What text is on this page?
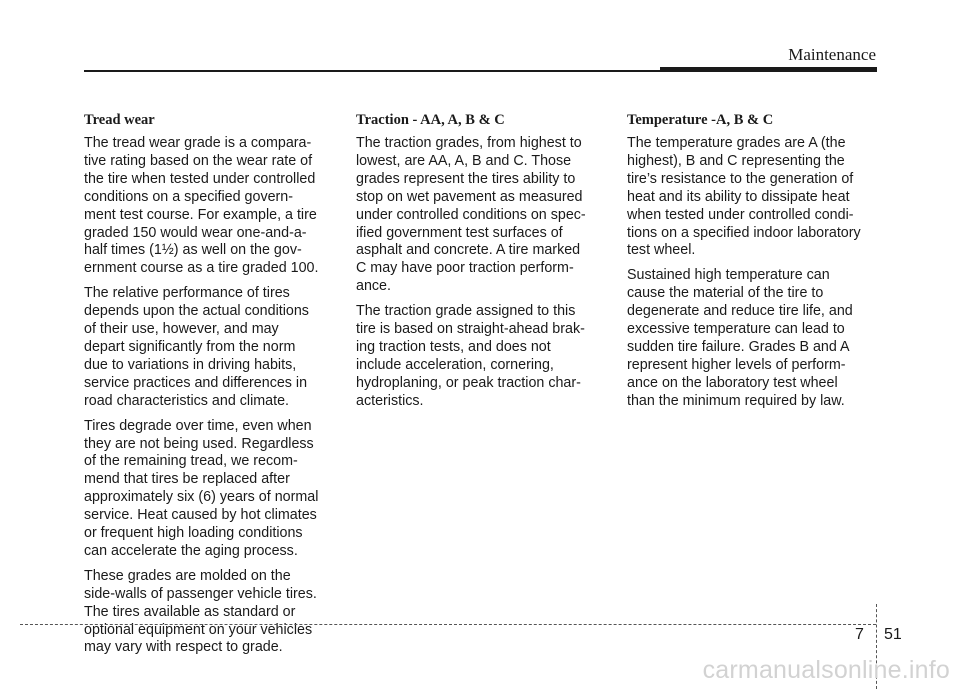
Maintenance
Tread wear

The tread wear grade is a compara-
tive rating based on the wear rate of
the tire when tested under controlled
conditions on a specified govern-
ment test course. For example, a tire
graded 150 would wear one-and-a-
half times (1½) as well on the gov-
ernment course as a tire graded 100.

The relative performance of tires
depends upon the actual conditions
of their use, however, and may
depart significantly from the norm
due to variations in driving habits,
service practices and differences in
road characteristics and climate.

Tires degrade over time, even when
they are not being used. Regardless
of the remaining tread, we recom-
mend that tires be replaced after
approximately six (6) years of normal
service. Heat caused by hot climates
or frequent high loading conditions
can accelerate the aging process.

These grades are molded on the
side-walls of passenger vehicle tires.
The tires available as standard or
optional equipment on your vehicles
may vary with respect to grade.

Traction - AA, A, B & C

The traction grades, from highest to
lowest, are AA, A, B and C. Those
grades represent the tires ability to
stop on wet pavement as measured
under controlled conditions on spec-
ified government test surfaces of
asphalt and concrete. A tire marked
C may have poor traction perform-
ance.

The traction grade assigned to this
tire is based on straight-ahead brak-
ing traction tests, and does not
include acceleration, cornering,
hydroplaning, or peak traction char-
acteristics.

Temperature -A, B & C

The temperature grades are A (the
highest), B and C representing the
tire’s resistance to the generation of
heat and its ability to dissipate heat
when tested under controlled condi-
tions on a specified indoor laboratory
test wheel.

Sustained high temperature can
cause the material of the tire to
degenerate and reduce tire life, and
excessive temperature can lead to
sudden tire failure. Grades B and A
represent higher levels of perform-
ance on the laboratory test wheel
than the minimum required by law.

7 51
carmanualsonline.info
